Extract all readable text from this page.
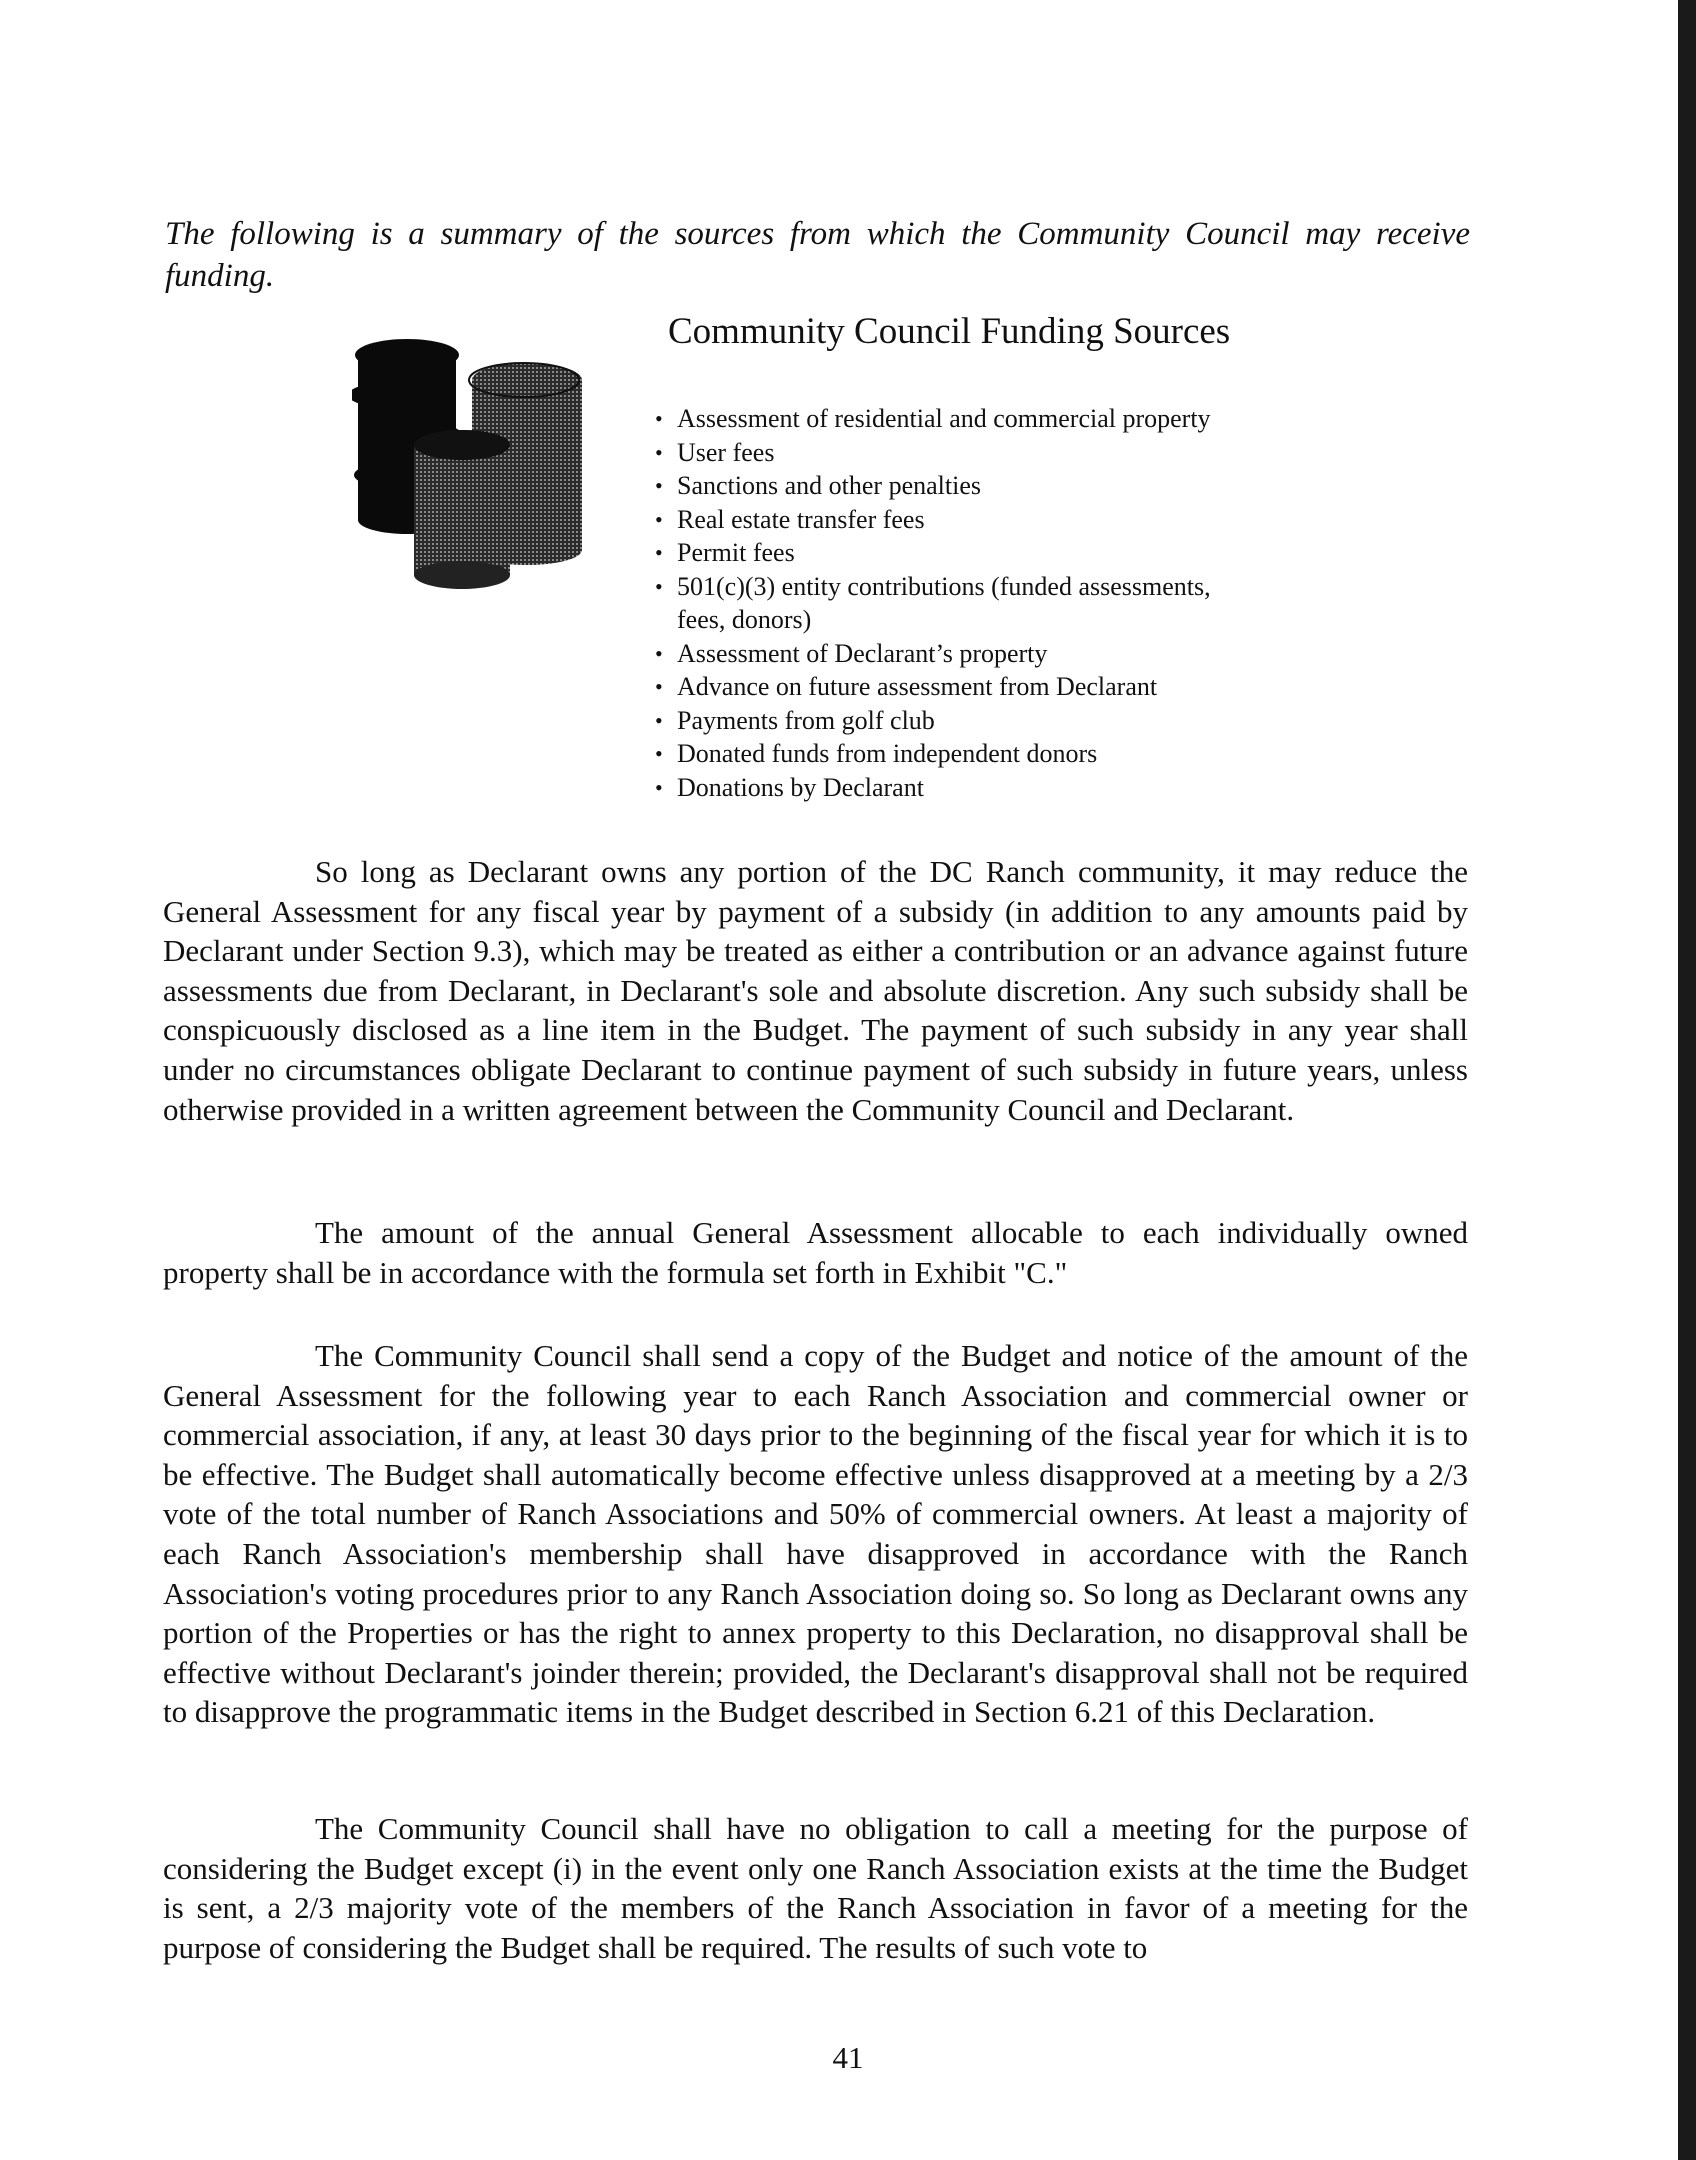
The following is a summary of the sources from which the Community Council may receive funding.

Community Council Funding Sources
• Assessment of residential and commercial property
• User fees
• Sanctions and other penalties
• Real estate transfer fees
• Permit fees
• 501(c)(3) entity contributions (funded assessments, fees, donors)
• Assessment of Declarant’s property
• Advance on future assessment from Declarant
• Payments from golf club
• Donated funds from independent donors
• Donations by Declarant

So long as Declarant owns any portion of the DC Ranch community, it may reduce the General Assessment for any fiscal year by payment of a subsidy (in addition to any amounts paid by Declarant under Section 9.3), which may be treated as either a contribution or an advance against future assessments due from Declarant, in Declarant's sole and absolute discretion. Any such subsidy shall be conspicuously disclosed as a line item in the Budget. The payment of such subsidy in any year shall under no circumstances obligate Declarant to continue payment of such subsidy in future years, unless otherwise provided in a written agreement between the Community Council and Declarant.

The amount of the annual General Assessment allocable to each individually owned property shall be in accordance with the formula set forth in Exhibit "C."

The Community Council shall send a copy of the Budget and notice of the amount of the General Assessment for the following year to each Ranch Association and commercial owner or commercial association, if any, at least 30 days prior to the beginning of the fiscal year for which it is to be effective. The Budget shall automatically become effective unless disapproved at a meeting by a 2/3 vote of the total number of Ranch Associations and 50% of commercial owners. At least a majority of each Ranch Association's membership shall have disapproved in accordance with the Ranch Association's voting procedures prior to any Ranch Association doing so. So long as Declarant owns any portion of the Properties or has the right to annex property to this Declaration, no disapproval shall be effective without Declarant's joinder therein; provided, the Declarant's disapproval shall not be required to disapprove the programmatic items in the Budget described in Section 6.21 of this Declaration.

The Community Council shall have no obligation to call a meeting for the purpose of considering the Budget except (i) in the event only one Ranch Association exists at the time the Budget is sent, a 2/3 majority vote of the members of the Ranch Association in favor of a meeting for the purpose of considering the Budget shall be required. The results of such vote to

41
